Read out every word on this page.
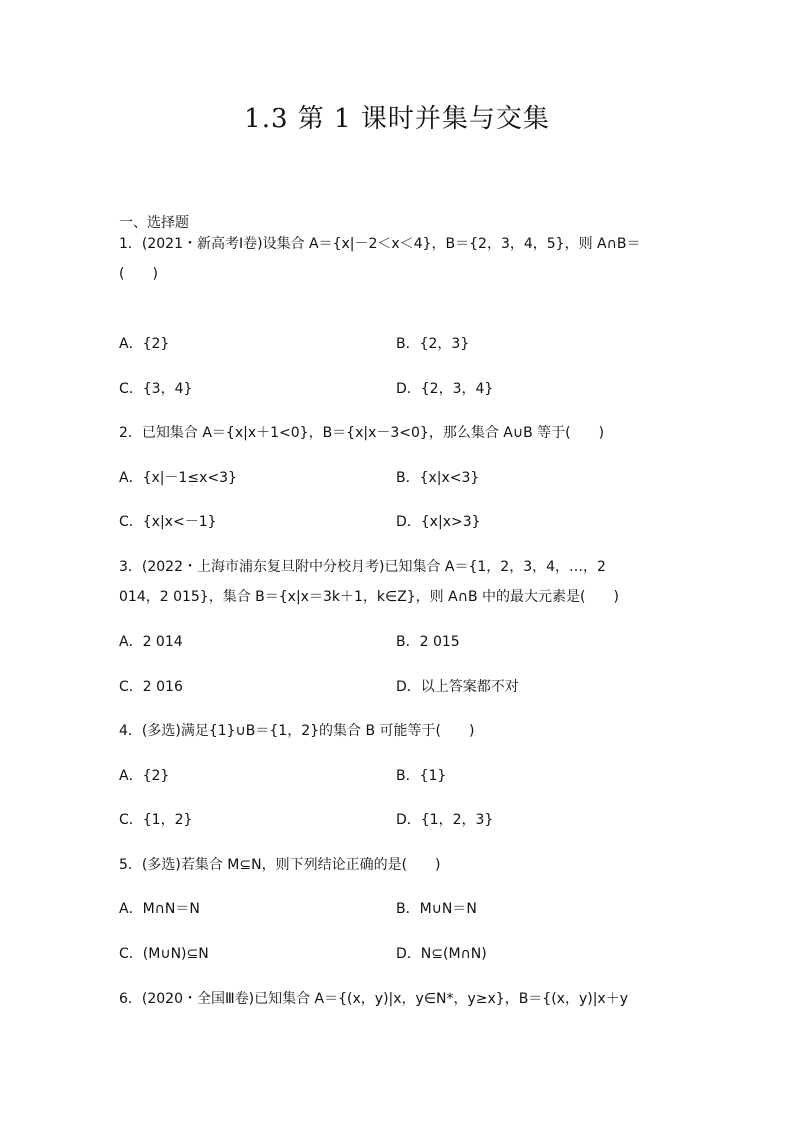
1.3 第 1 课时并集与交集
一、选择题
1．(2021・新高考Ⅰ卷)设集合 A＝{x|－2＜x＜4}，B＝{2，3，4，5}，则 A∩B＝
(　　)
A．{2}	B．{2，3}
C．{3，4}	D．{2，3，4}
2．已知集合 A＝{x|x＋1<0}，B＝{x|x－3<0}，那么集合 A∪B 等于(　　)
A．{x|－1≤x<3}	B．{x|x<3}
C．{x|x<－1}	D．{x|x>3}
3．(2022・上海市浦东复旦附中分校月考)已知集合 A＝{1，2，3，4，…，2
014，2 015}，集合 B＝{x|x＝3k＋1，k∈Z}，则 A∩B 中的最大元素是(　　)
A．2 014	B．2 015
C．2 016	D．以上答案都不对
4．(多选)满足{1}∪B＝{1，2}的集合 B 可能等于(　　)
A．{2}	B．{1}
C．{1，2}	D．{1，2，3}
5．(多选)若集合 M⊆N，则下列结论正确的是(　　)
A．M∩N＝N	B．M∪N＝N
C．(M∪N)⊆N	D．N⊆(M∩N)
6．(2020・全国Ⅲ卷)已知集合 A＝{(x，y)|x，y∈N*，y≥x}，B＝{(x，y)|x＋y
